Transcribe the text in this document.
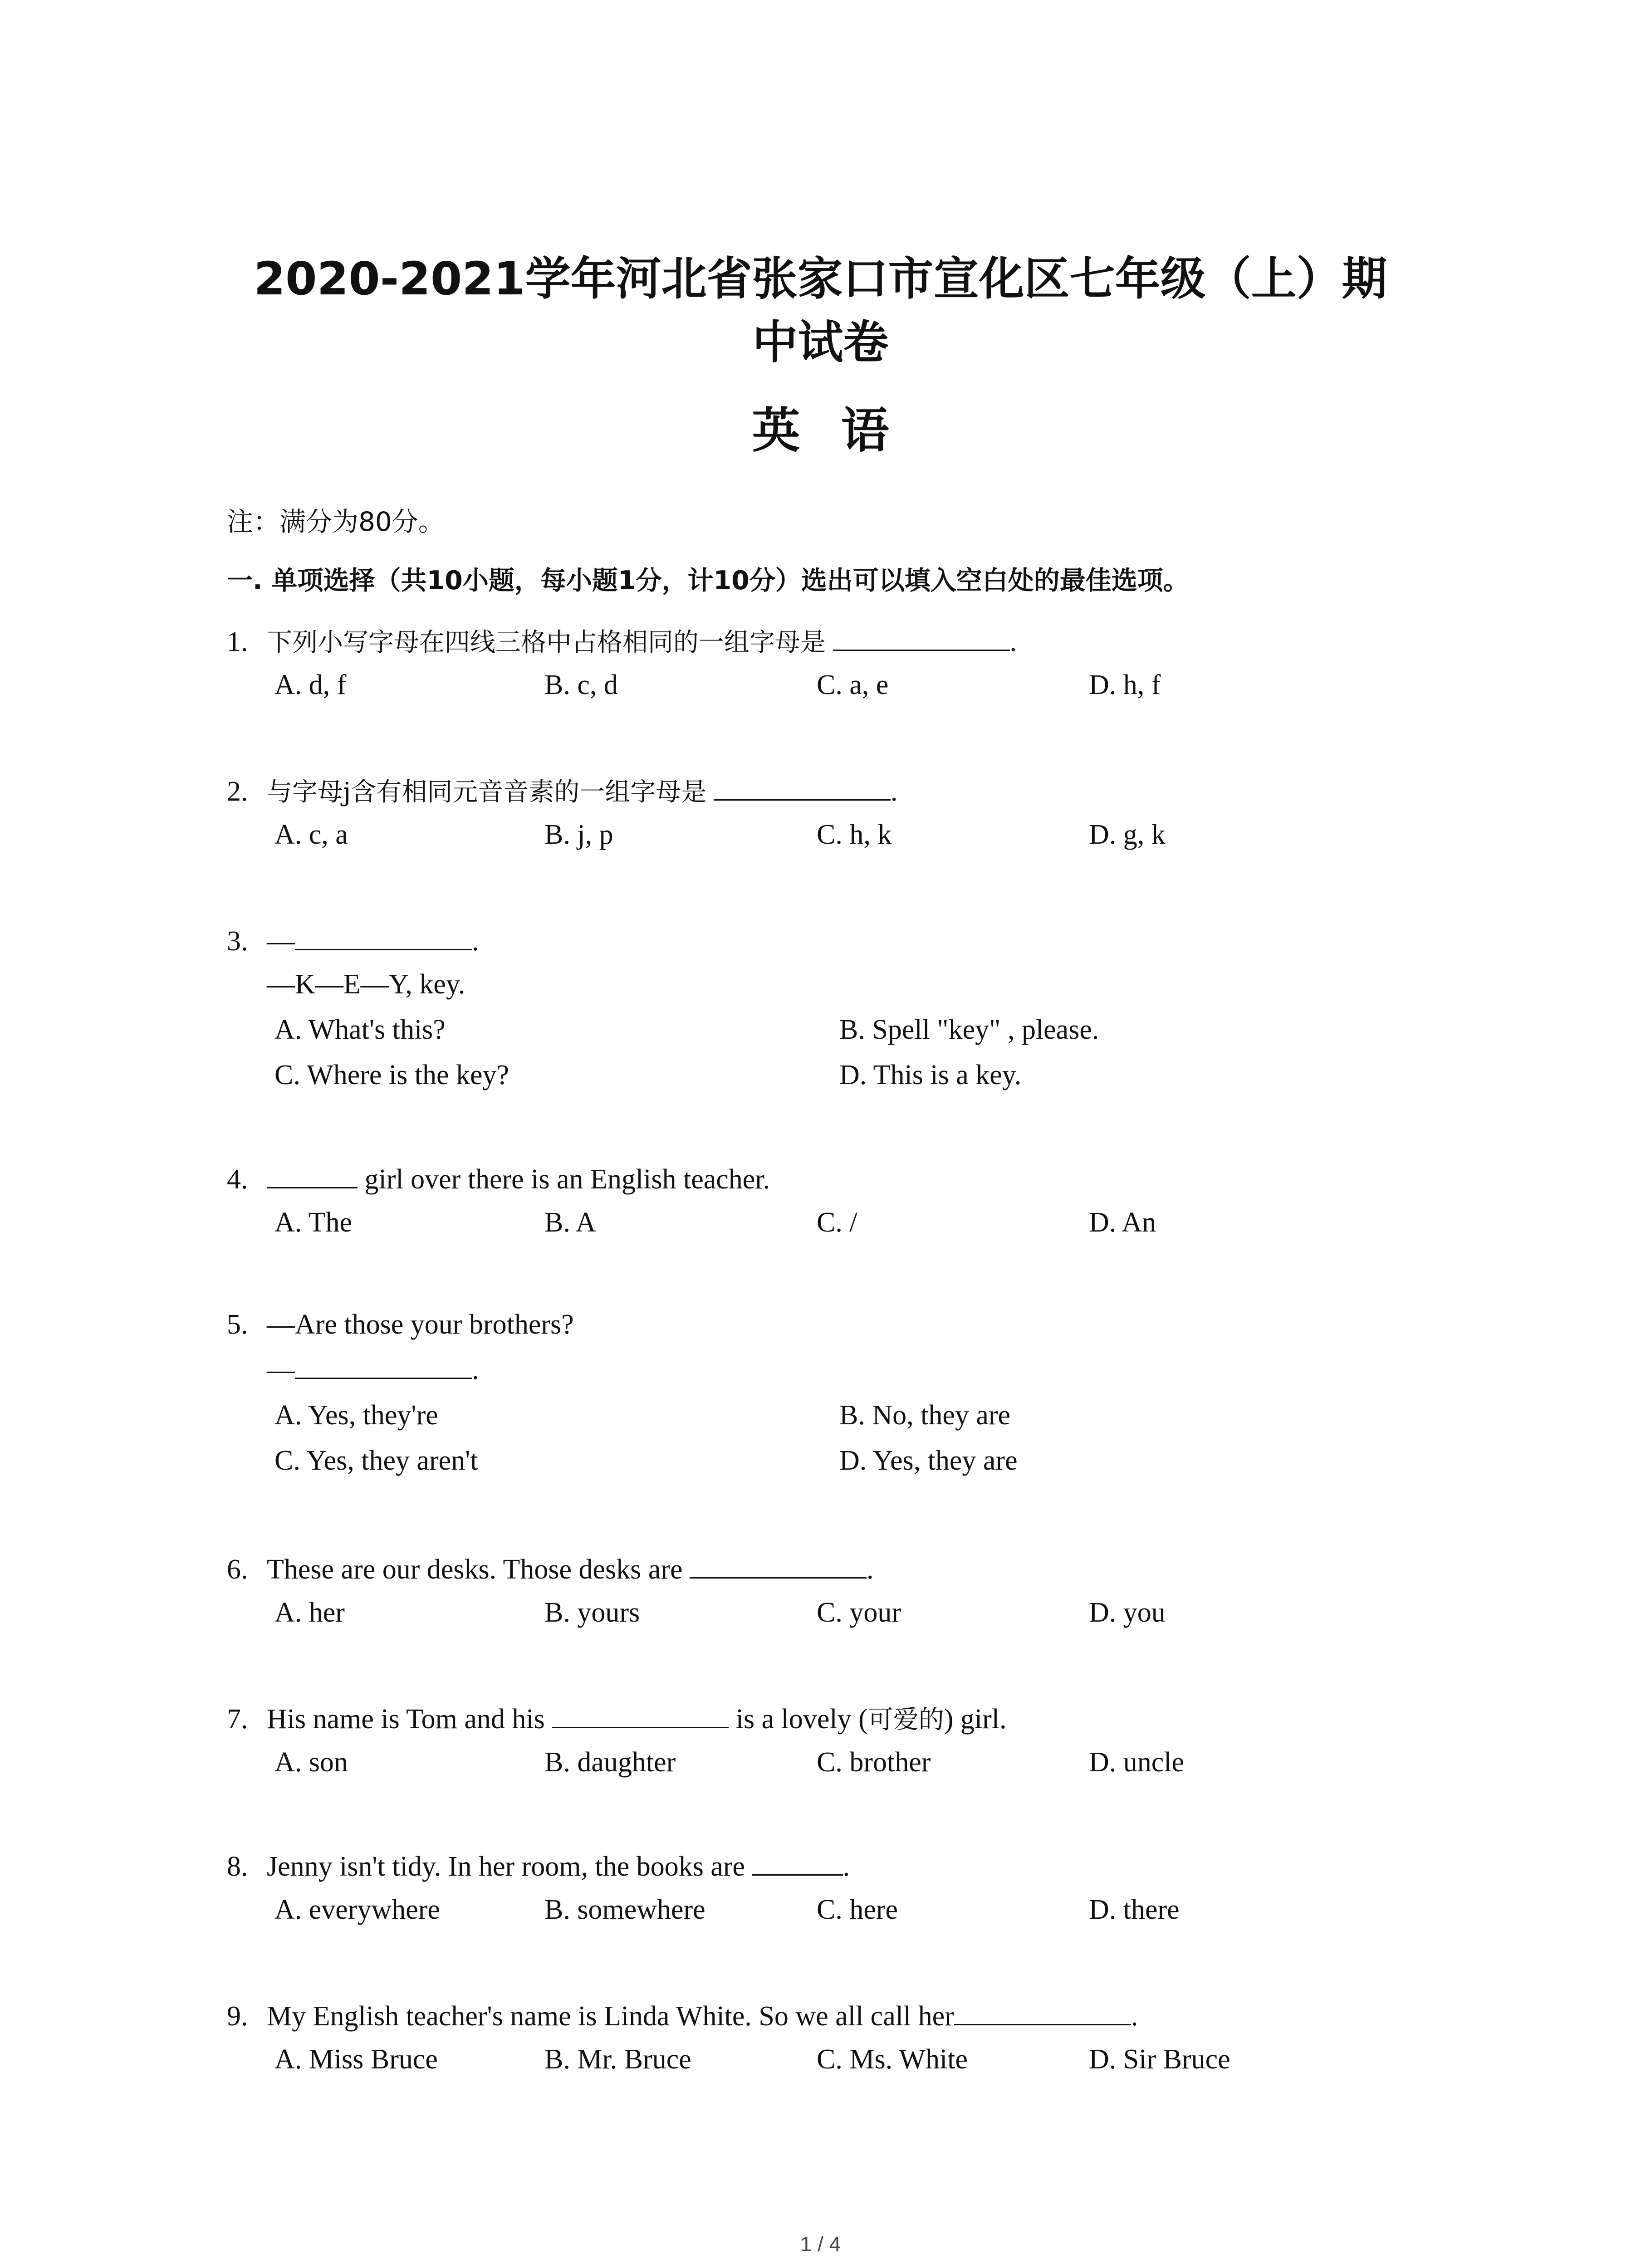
2020-2021学年河北省张家口市宣化区七年级（上）期
中试卷
英语
注：满分为80分。
一. 单项选择（共10小题，每小题1分，计10分）选出可以填入空白处的最佳选项。
1. 下列小写字母在四线三格中占格相同的一组字母是	.
A. d, f	B. c, d	C. a, e	D. h, f
2. 与字母j含有相同元音音素的一组字母是	.
A. c, a	B. j, p	C. h, k	D. g, k
3. —	.
—K—E—Y, key.
A. What's this?	B. Spell "key" , please.
C. Where is the key?	D. This is a key.
4.	girl over there is an English teacher.
A. The	B. A	C. /	D. An
5. —Are those your brothers?
—	.
A. Yes, they're	B. No, they are
C. Yes, they aren't	D. Yes, they are
6. These are our desks. Those desks are	.
A. her	B. yours	C. your	D. you
7. His name is Tom and his	is a lovely (可爱的) girl.
A. son	B. daughter	C. brother	D. uncle
8. Jenny isn't tidy. In her room, the books are	.
A. everywhere	B. somewhere	C. here	D. there
9. My English teacher's name is Linda White. So we all call her	.
A. Miss Bruce	B. Mr. Bruce	C. Ms. White	D. Sir Bruce
1 / 4
